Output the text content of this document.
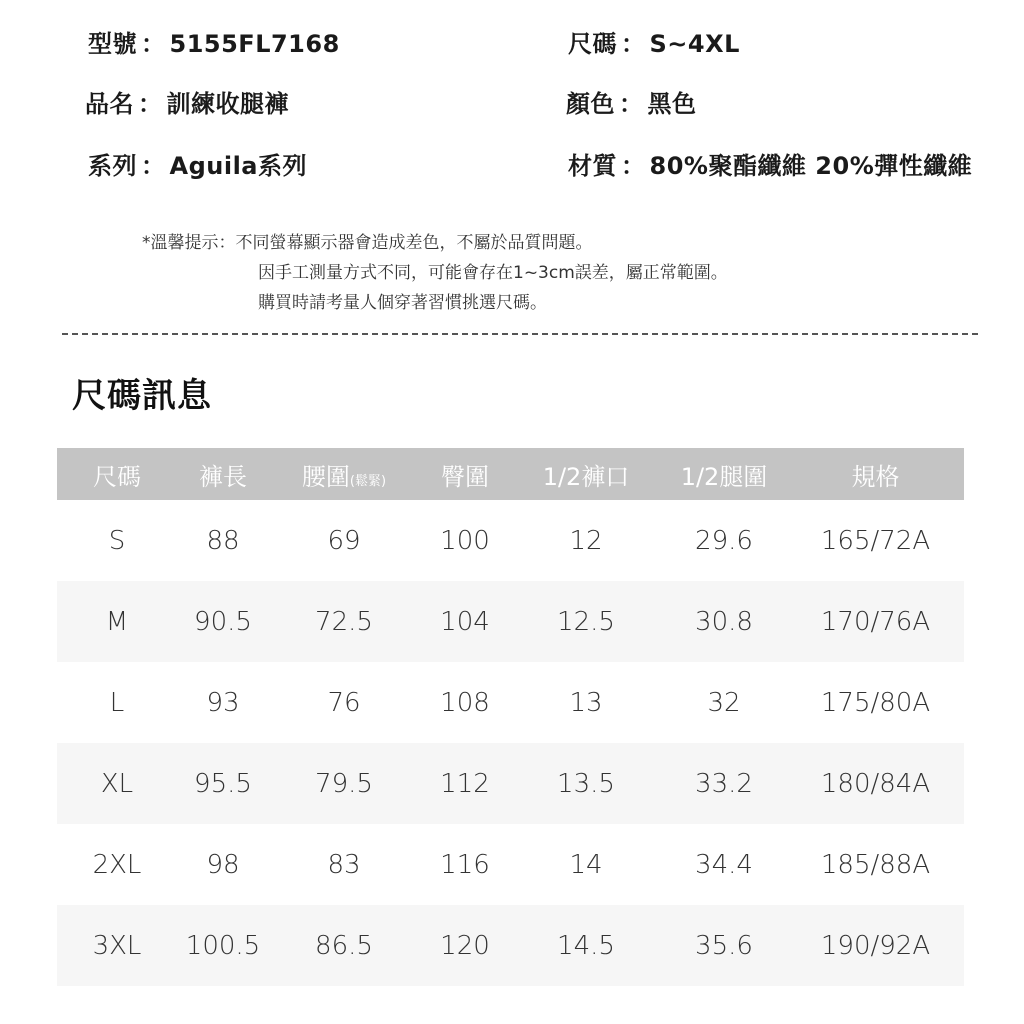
型號 ： 5155FL7168	尺碼 ： S~4XL
品名 ： 訓練收腿褲	顏色 ： 黑色
系列 ： Aguila系列	材質 ： 80%聚酯纖維 20%彈性纖維
*溫馨提示：不同螢幕顯示器會造成差色，不屬於品質問題。
因手工測量方式不同，可能會存在1~3cm誤差，屬正常範圍。
購買時請考量人個穿著習慣挑選尺碼。
尺碼訊息
尺碼	褲長	腰圍(鬆緊)	臀圍	1/2褲口	1/2腿圍	規格
S	88	69	100	12	29.6	165/72A
M	90.5	72.5	104	12.5	30.8	170/76A
L	93	76	108	13	32	175/80A
XL	95.5	79.5	112	13.5	33.2	180/84A
2XL	98	83	116	14	34.4	185/88A
3XL	100.5	86.5	120	14.5	35.6	190/92A
